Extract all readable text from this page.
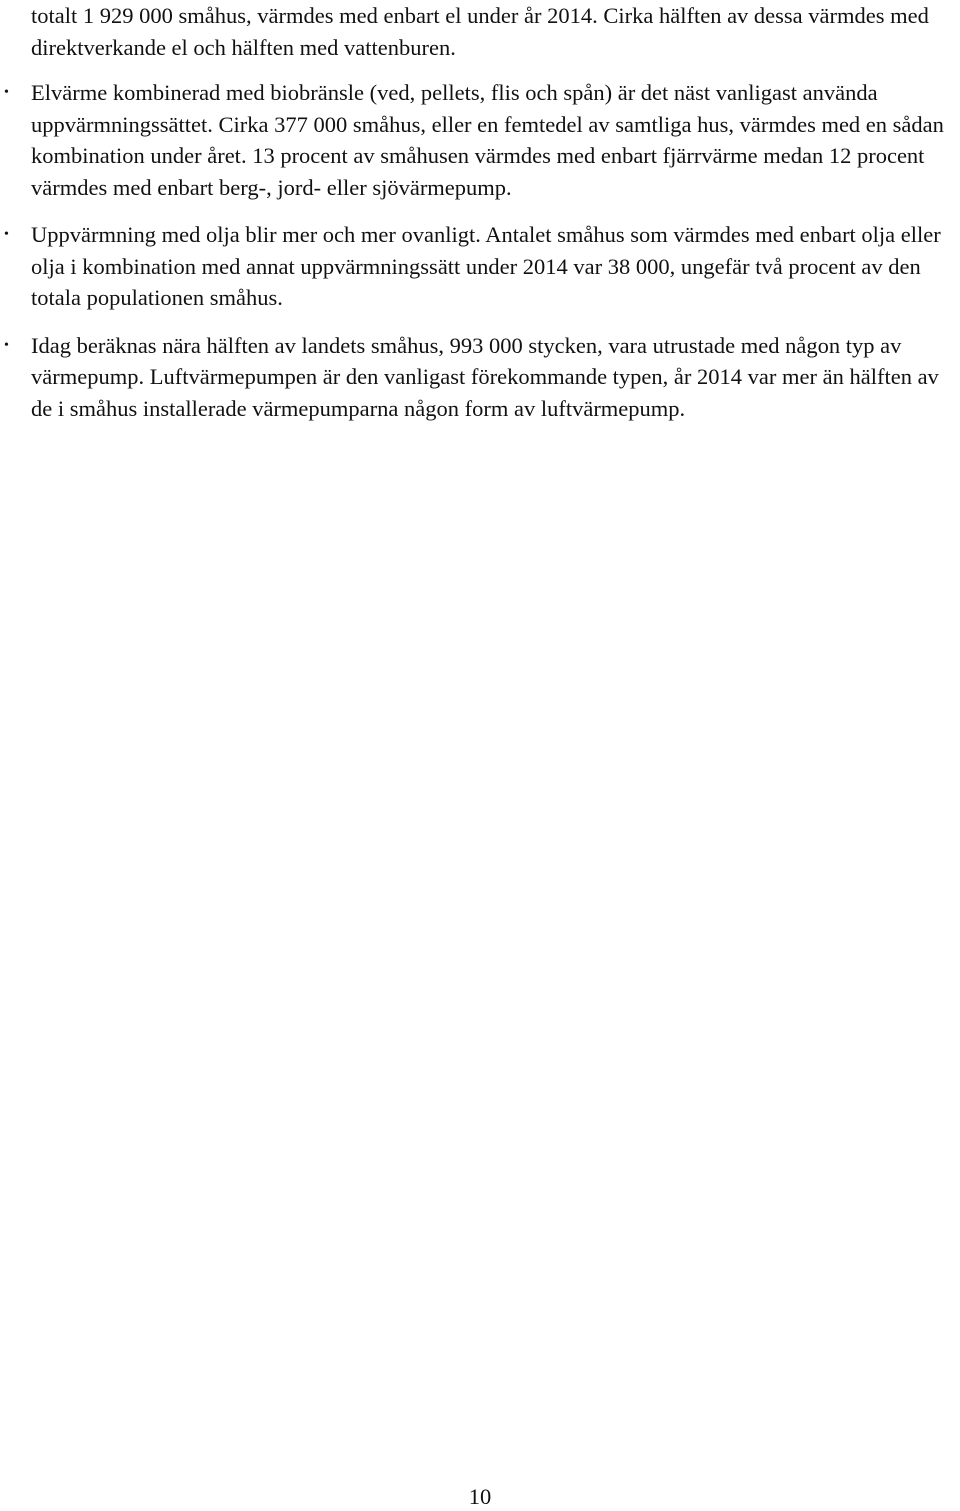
totalt 1 929 000 småhus, värmdes med enbart el under år 2014. Cirka hälften av dessa värmdes med direktverkande el och hälften med vattenburen.

• Elvärme kombinerad med biobränsle (ved, pellets, flis och spån) är det näst vanligast använda uppvärmningssättet. Cirka 377 000 småhus, eller en femtedel av samtliga hus, värmdes med en sådan kombination under året. 13 procent av småhusen värmdes med enbart fjärrvärme medan 12 procent värmdes med enbart berg-, jord- eller sjövärmepump.
• Uppvärmning med olja blir mer och mer ovanligt. Antalet småhus som värmdes med enbart olja eller olja i kombination med annat uppvärmningssätt under 2014 var 38 000, ungefär två procent av den totala populationen småhus.
• Idag beräknas nära hälften av landets småhus, 993 000 stycken, vara utrustade med någon typ av värmepump. Luftvärmepumpen är den vanligast förekommande typen, år 2014 var mer än hälften av de i småhus installerade värmepumparna någon form av luftvärmepump.
10
